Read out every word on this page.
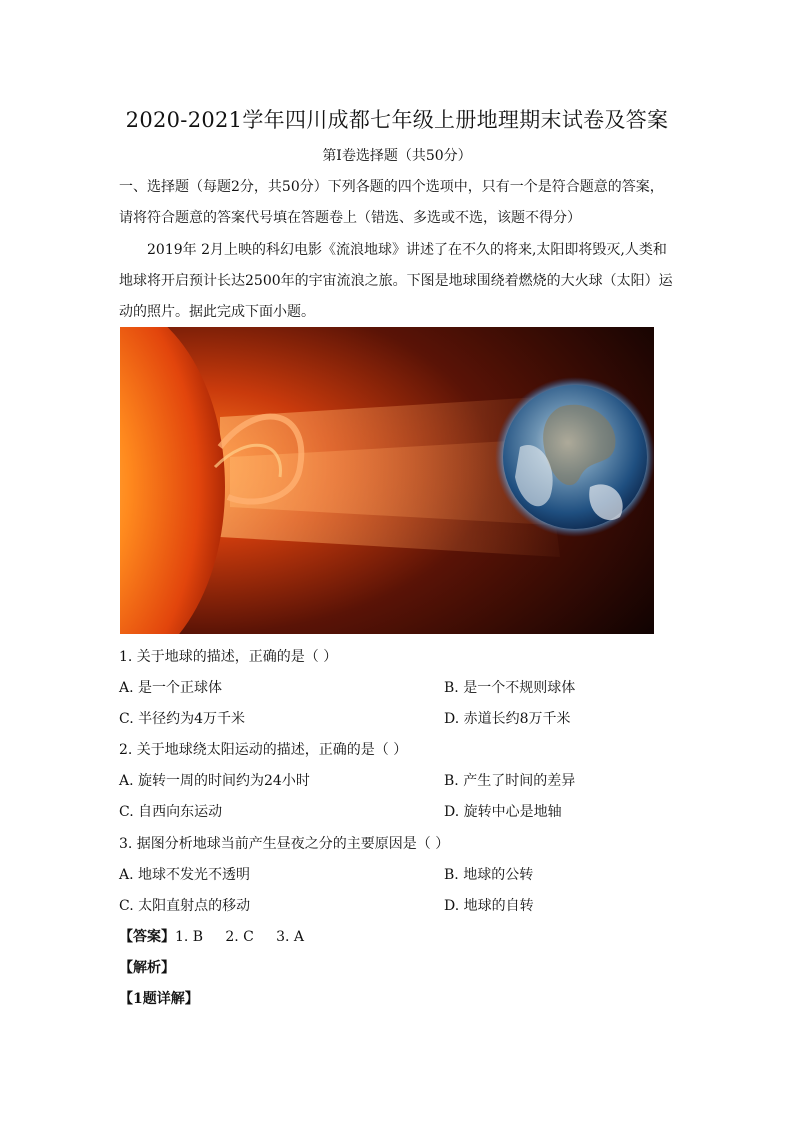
2020-2021学年四川成都七年级上册地理期末试卷及答案
第Ⅰ卷选择题（共50分）
一、选择题（每题2分，共50分）下列各题的四个选项中，只有一个是符合题意的答案，
请将符合题意的答案代号填在答题卷上（错选、多选或不选，该题不得分）
2019年 2月上映的科幻电影《流浪地球》讲述了在不久的将来,太阳即将毁灭,人类和
地球将开启预计长达2500年的宇宙流浪之旅。下图是地球围绕着燃烧的大火球（太阳）运
动的照片。据此完成下面小题。
1. 关于地球的描述，正确的是（ ）
A. 是一个正球体	B. 是一个不规则球体
C. 半径约为4万千米	D. 赤道长约8万千米
2. 关于地球绕太阳运动的描述，正确的是（ ）
A. 旋转一周的时间约为24小时	B. 产生了时间的差异
C. 自西向东运动	D. 旋转中心是地轴
3. 据图分析地球当前产生昼夜之分的主要原因是（ ）
A. 地球不发光不透明	B. 地球的公转
C. 太阳直射点的移动	D. 地球的自转
【答案】1. B     2. C     3. A
【解析】
【1题详解】
